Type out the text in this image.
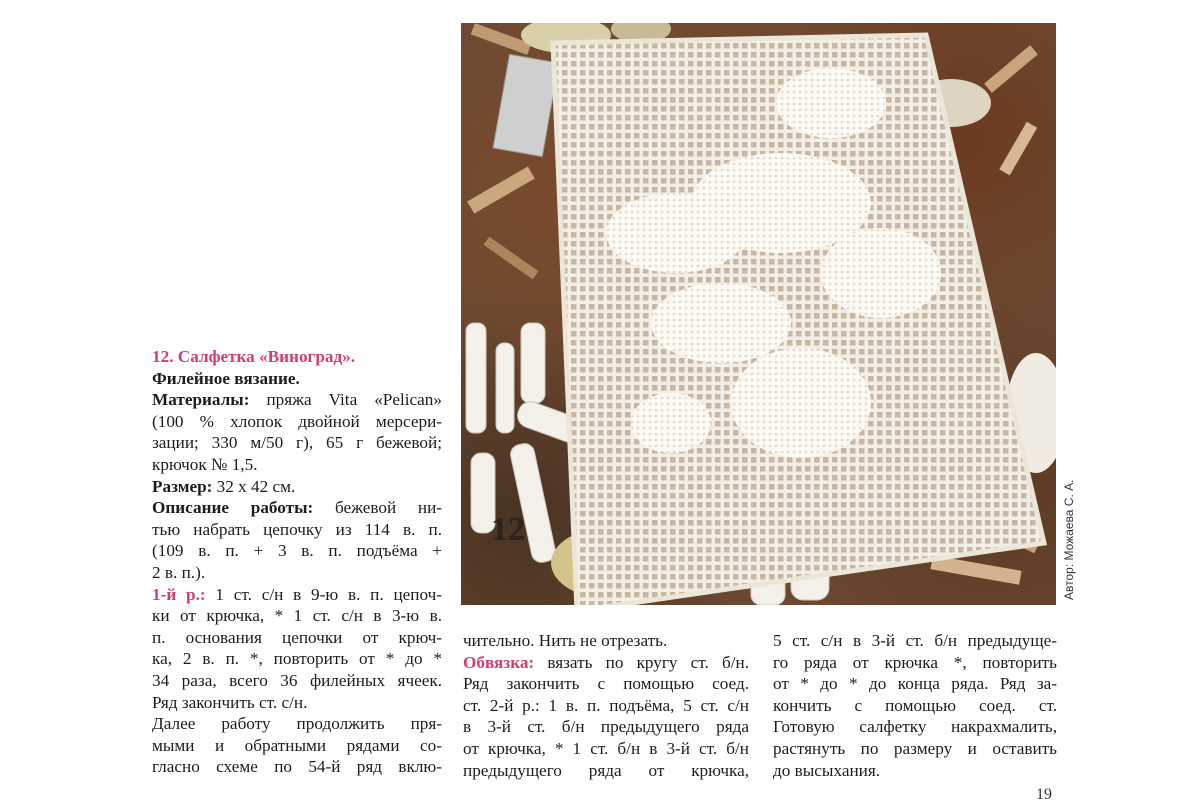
12. Салфетка «Виноград».

Филейное вязание.

Материалы: пряжа Vita «Pelican»

(100 % хлопок двойной мерсери-

зации; 330 м/50 г), 65 г бежевой;

крючок № 1,5.

Размер: 32 х 42 см.

Описание работы: бежевой ни-

тью набрать цепочку из 114 в. п.

(109 в. п. + 3 в. п. подъёма +

2 в. п.).

1-й р.: 1 ст. с/н в 9-ю в. п. цепоч-

ки от крючка, * 1 ст. с/н в 3-ю в.

п. основания цепочки от крюч-

ка, 2 в. п. *, повторить от * до *

34 раза, всего 36 филейных ячеек.

Ряд закончить ст. с/н.

Далее работу продолжить пря-

мыми и обратными рядами со-

гласно схеме по 54-й ряд вклю-

12	Автор: Можаева С. А.

чительно. Нить не отрезать.

Обвязка: вязать по кругу ст. б/н.

Ряд закончить с помощью соед.

ст. 2-й р.: 1 в. п. подъёма, 5 ст. с/н

в 3-й ст. б/н предыдущего ряда

от крючка, * 1 ст. б/н в 3-й ст. б/н

предыдущего ряда от крючка,

5 ст. с/н в 3-й ст. б/н предыдуще-

го ряда от крючка *, повторить

от * до * до конца ряда. Ряд за-

кончить с помощью соед. ст.

Готовую салфетку накрахмалить,

растянуть по размеру и оставить

до высыхания.

19
